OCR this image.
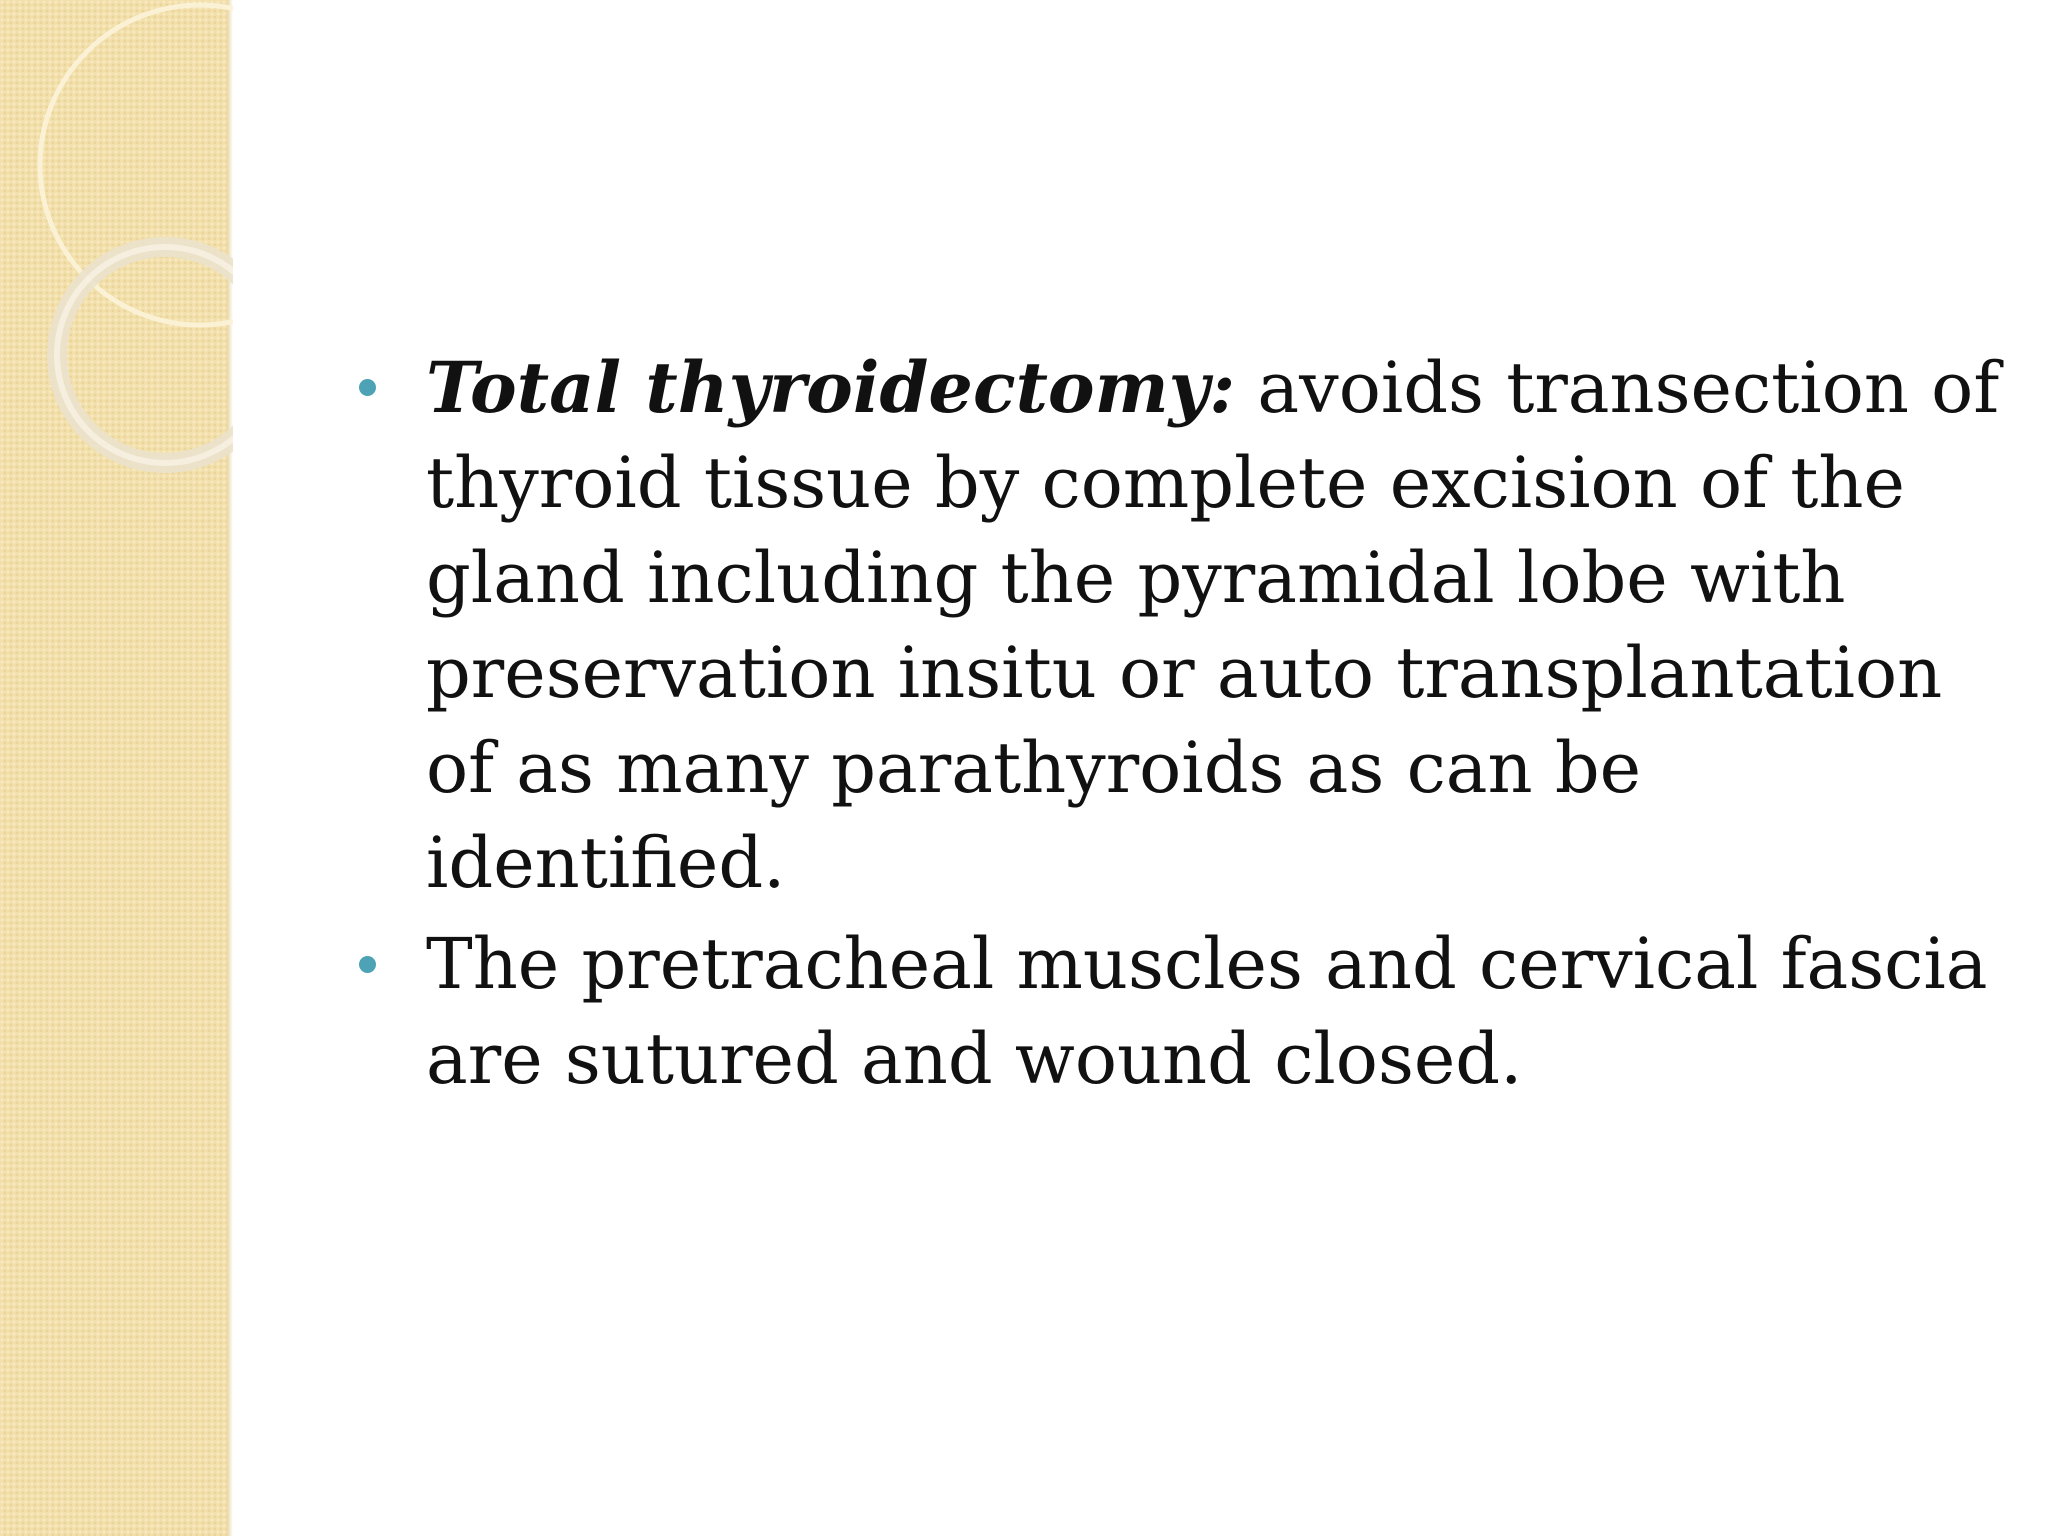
Total thyroidectomy: avoids transection of thyroid tissue by complete excision of the gland including the pyramidal lobe with preservation insitu or auto transplantation of as many parathyroids as can be identified.
The pretracheal muscles and cervical fascia are sutured and wound closed.
